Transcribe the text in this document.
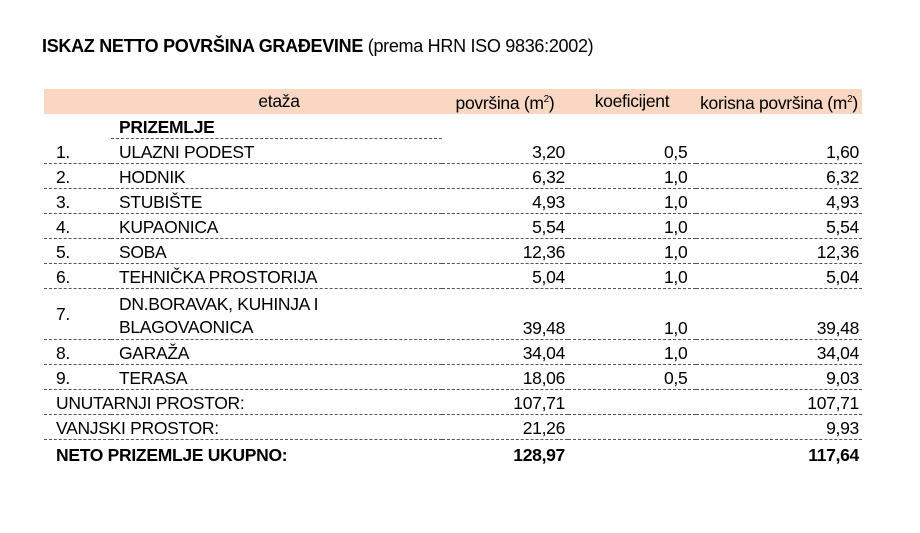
ISKAZ NETTO POVRŠINA GRAĐEVINE (prema HRN ISO 9836:2002)
	etaža	površina $(m^2)$	koeficijent	korisna površina $(m^2)$
	PRIZEMLJE			
1.	ULAZNI PODEST	3,20	0,5	1,60
2.	HODNIK	6,32	1,0	6,32
3.	STUBIŠTE	4,93	1,0	4,93
4.	KUPAONICA	5,54	1,0	5,54
5.	SOBA	12,36	1,0	12,36
6.	TEHNIČKA PROSTORIJA	5,04	1,0	5,04
7.	DN.BORAVAK, KUHINJA I
BLAGOVAONICA	39,48	1,0	39,48
8.	GARAŽA	34,04	1,0	34,04
9.	TERASA	18,06	0,5	9,03
UNUTARNJI PROSTOR:		107,71		107,71
VANJSKI PROSTOR:		21,26		9,93
NETO PRIZEMLJE UKUPNO:		128,97		117,64
